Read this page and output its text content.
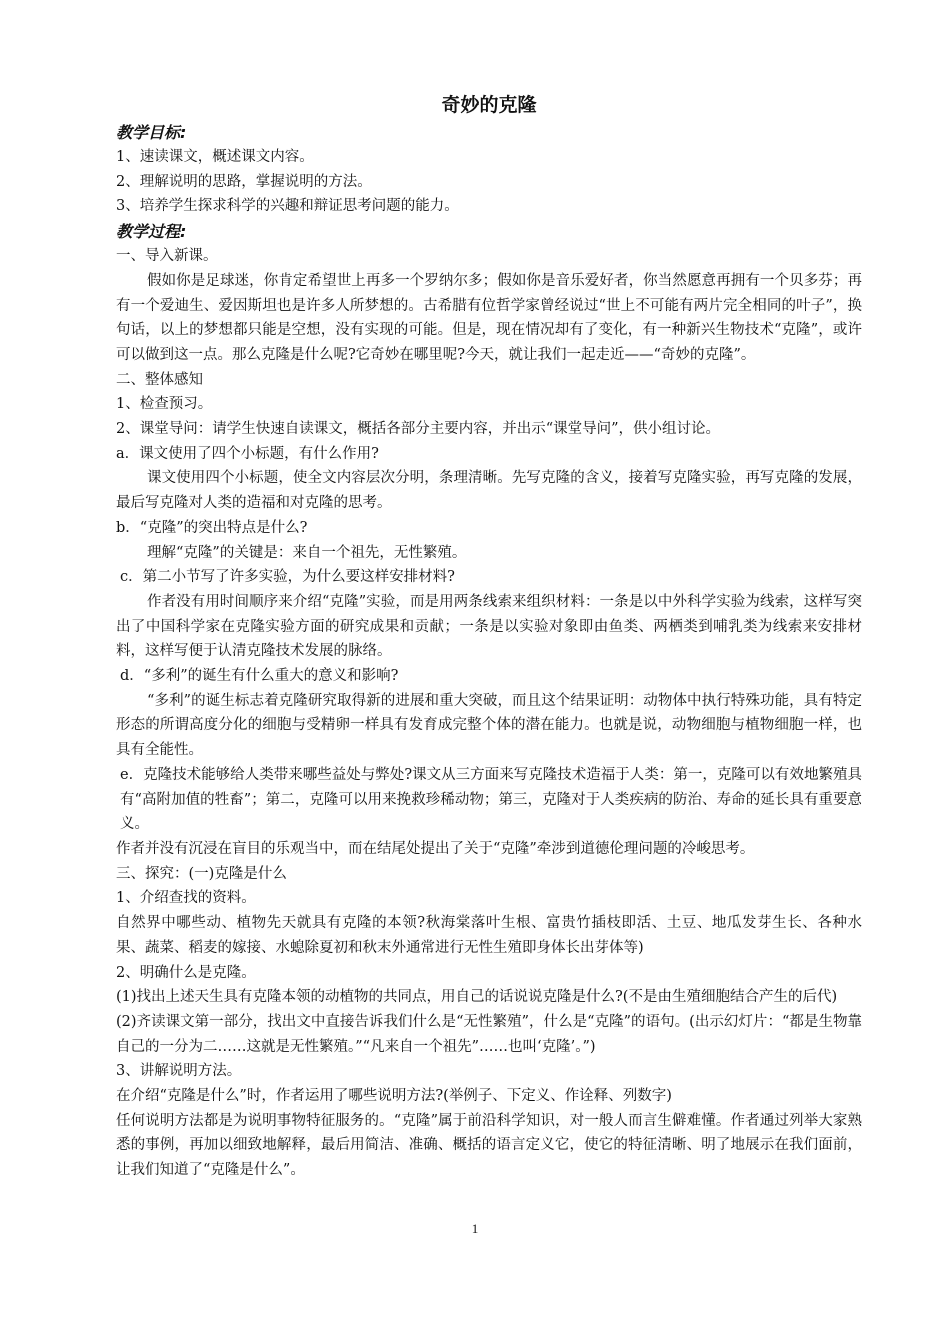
奇妙的克隆
教学目标:
1、速读课文，概述课文内容。
2、理解说明的思路，掌握说明的方法。
3、培养学生探求科学的兴趣和辩证思考问题的能力。
教学过程:
一、导入新课。
假如你是足球迷，你肯定希望世上再多一个罗纳尔多；假如你是音乐爱好者，你当然愿意再拥有一个贝多芬；再有一个爱迪生、爱因斯坦也是许多人所梦想的。古希腊有位哲学家曾经说过“世上不可能有两片完全相同的叶子”，换句话，以上的梦想都只能是空想，没有实现的可能。但是，现在情况却有了变化，有一种新兴生物技术“克隆”，或许可以做到这一点。那么克隆是什么呢?它奇妙在哪里呢?今天，就让我们一起走近——“奇妙的克隆”。
二、整体感知
1、检查预习。
2、课堂导问：请学生快速自读课文，概括各部分主要内容，并出示“课堂导问”，供小组讨论。
a．课文使用了四个小标题，有什么作用?
课文使用四个小标题，使全文内容层次分明，条理清晰。先写克隆的含义，接着写克隆实验，再写克隆的发展，最后写克隆对人类的造福和对克隆的思考。
b．“克隆”的突出特点是什么?
理解“克隆”的关键是：来自一个祖先，无性繁殖。
c．第二小节写了许多实验，为什么要这样安排材料?
作者没有用时间顺序来介绍“克隆”实验，而是用两条线索来组织材料：一条是以中外科学实验为线索，这样写突出了中国科学家在克隆实验方面的研究成果和贡献；一条是以实验对象即由鱼类、两栖类到哺乳类为线索来安排材料，这样写便于认清克隆技术发展的脉络。
d．“多利”的诞生有什么重大的意义和影响?
“多利”的诞生标志着克隆研究取得新的进展和重大突破，而且这个结果证明：动物体中执行特殊功能，具有特定形态的所谓高度分化的细胞与受精卵一样具有发育成完整个体的潜在能力。也就是说，动物细胞与植物细胞一样，也具有全能性。
e．克隆技术能够给人类带来哪些益处与弊处?课文从三方面来写克隆技术造福于人类：第一，克隆可以有效地繁殖具有“高附加值的牲畜”；第二，克隆可以用来挽救珍稀动物；第三，克隆对于人类疾病的防治、寿命的延长具有重要意义。
作者并没有沉浸在盲目的乐观当中，而在结尾处提出了关于“克隆”牵涉到道德伦理问题的冷峻思考。
三、探究：(一)克隆是什么
1、介绍查找的资料。
自然界中哪些动、植物先天就具有克隆的本领?秋海棠落叶生根、富贵竹插枝即活、土豆、地瓜发芽生长、各种水果、蔬菜、稻麦的嫁接、水螅除夏初和秋末外通常进行无性生殖即身体长出芽体等)
2、明确什么是克隆。
(1)找出上述天生具有克隆本领的动植物的共同点，用自己的话说说克隆是什么?(不是由生殖细胞结合产生的后代)
(2)齐读课文第一部分，找出文中直接告诉我们什么是“无性繁殖”，什么是“克隆”的语句。(出示幻灯片：“都是生物靠自己的一分为二……这就是无性繁殖。”“凡来自一个祖先”……也叫‘克隆’。”)
3、讲解说明方法。
在介绍“克隆是什么”时，作者运用了哪些说明方法?(举例子、下定义、作诠释、列数字)
任何说明方法都是为说明事物特征服务的。“克隆”属于前沿科学知识，对一般人而言生僻难懂。作者通过列举大家熟悉的事例，再加以细致地解释，最后用简洁、准确、概括的语言定义它，使它的特征清晰、明了地展示在我们面前，让我们知道了“克隆是什么”。
1
